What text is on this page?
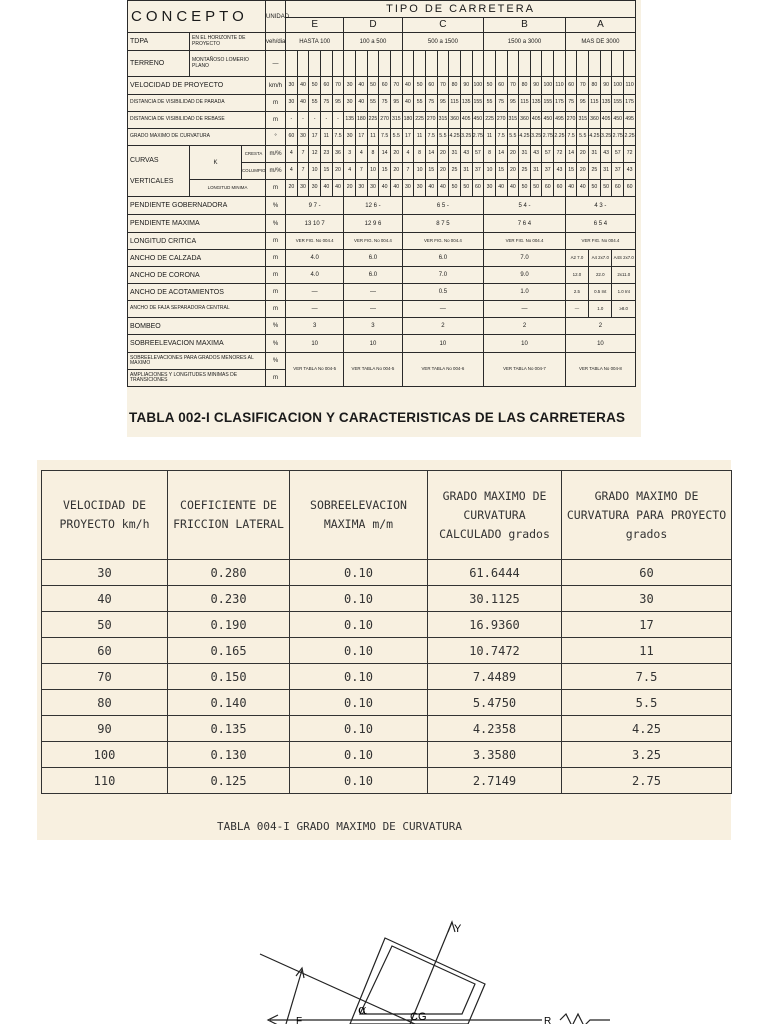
CONCEPTO			UNIDAD	TIPO DE CARRETERA																													
				E					D					C							B							A					
TDPA	EN EL HORIZONTE DE PROYECTO		veh/dia	HASTA 100					100 a 500					500 a 1500							1500 a 3000							MAS DE 3000					
TERRENO	MONTAÑOSO LOMERIO PLANO		—	

VELOCIDAD DE PROYECTO			km/h	30	40	50	60	70	30	40	50	60	70	40	50	60	70	80	90	100	50	60	70	80	90	100	110	60	70	80	90	100	110
DISTANCIA DE VISIBILIDAD DE PARADA			m	30	40	55	75	95	30	40	55	75	95	40	55	75	95	115	135	155	55	75	95	115	135	155	175	75	95	115	135	155	175
DISTANCIA DE VISIBILIDAD DE REBASE			m	-	-	-	-	-	135	180	225	270	315	180	225	270	315	360	405	450	225	270	315	360	405	450	495	270	315	360	405	450	495
GRADO MAXIMO DE CURVATURA			°	60	30	17	11	7.5	30	17	11	7.5	5.5	17	11	7.5	5.5	4.25	3.25	2.75	11	7.5	5.5	4.25	3.25	2.75	2.25	7.5	5.5	4.25	3.25	2.75	2.25

CURVAS
VERTICALES	K	CRESTA	m/%	4	7	12	23	36	3	4	8	14	20	4	8	14	20	31	43	57	8	14	20	31	43	57	72	14	20	31	43	57	72
		COLUMPIO	m/%	4	7	10	15	20	4	7	10	15	20	7	10	15	20	25	31	37	10	15	20	25	31	37	43	15	20	25	31	37	43
	LONGITUD MINIMA		m	20	30	30	40	40	20	30	30	40	40	30	30	40	40	50	50	60	30	40	40	50	50	60	60	40	40	50	50	60	60
PENDIENTE GOBERNADORA			%	9 7 -					12 6 -					6 5 -							5 4 -							4 3 -					
PENDIENTE MAXIMA			%	13 10 7					12 9 6					8 7 5							7 6 4							6 5 4					
LONGITUD CRITICA			m	VER FIG. No 004.4					VER FIG. No 004.4					VER FIG. No 004.4							VER FIG. No 004.4							VER FIG. No 004.4					
ANCHO DE CALZADA			m	4.0					6.0					6.0							7.0							A2 7.0		A4 2x7.0		A4S 2x7.0	
ANCHO DE CORONA			m	4.0					6.0					7.0							9.0							12.0		22.0		2x11.0	
ANCHO DE ACOTAMIENTOS			m	—					—					0.5							1.0							2.5		0.5 Int		1.0 Int	
ANCHO DE FAJA SEPARADORA CENTRAL			m	—					—					—							—							—		1.0		≥8.0	
BOMBEO			%	3					3					2							2							2					
SOBREELEVACION MAXIMA			%	10					10					10							10							10					
SOBREELEVACIONES PARA GRADOS MENORES AL MAXIMO			%	VER TABLA No 004-5					VER TABLA No 004-5					VER TABLA No 004-6							VER TABLA No 004-7							VER TABLA No 004-8					
AMPLIACIONES Y LONGITUDES MINIMAS DE TRANSICIONES			m																														
TABLA 002-I CLASIFICACION Y CARACTERISTICAS DE LAS CARRETERAS
VELOCIDAD DE PROYECTO km/h	COEFICIENTE DE FRICCION LATERAL	SOBREELEVACION MAXIMA m/m	GRADO MAXIMO DE CURVATURA CALCULADO grados	GRADO MAXIMO DE CURVATURA PARA PROYECTO grados
30	0.280	0.10	61.6444	60
40	0.230	0.10	30.1125	30
50	0.190	0.10	16.9360	17
60	0.165	0.10	10.7472	11
70	0.150	0.10	7.4489	7.5
80	0.140	0.10	5.4750	5.5
90	0.135	0.10	4.2358	4.25
100	0.130	0.10	3.3580	3.25
110	0.125	0.10	2.7149	2.75
TABLA 004-I GRADO MAXIMO DE CURVATURA
Y
F
α	CG	R
